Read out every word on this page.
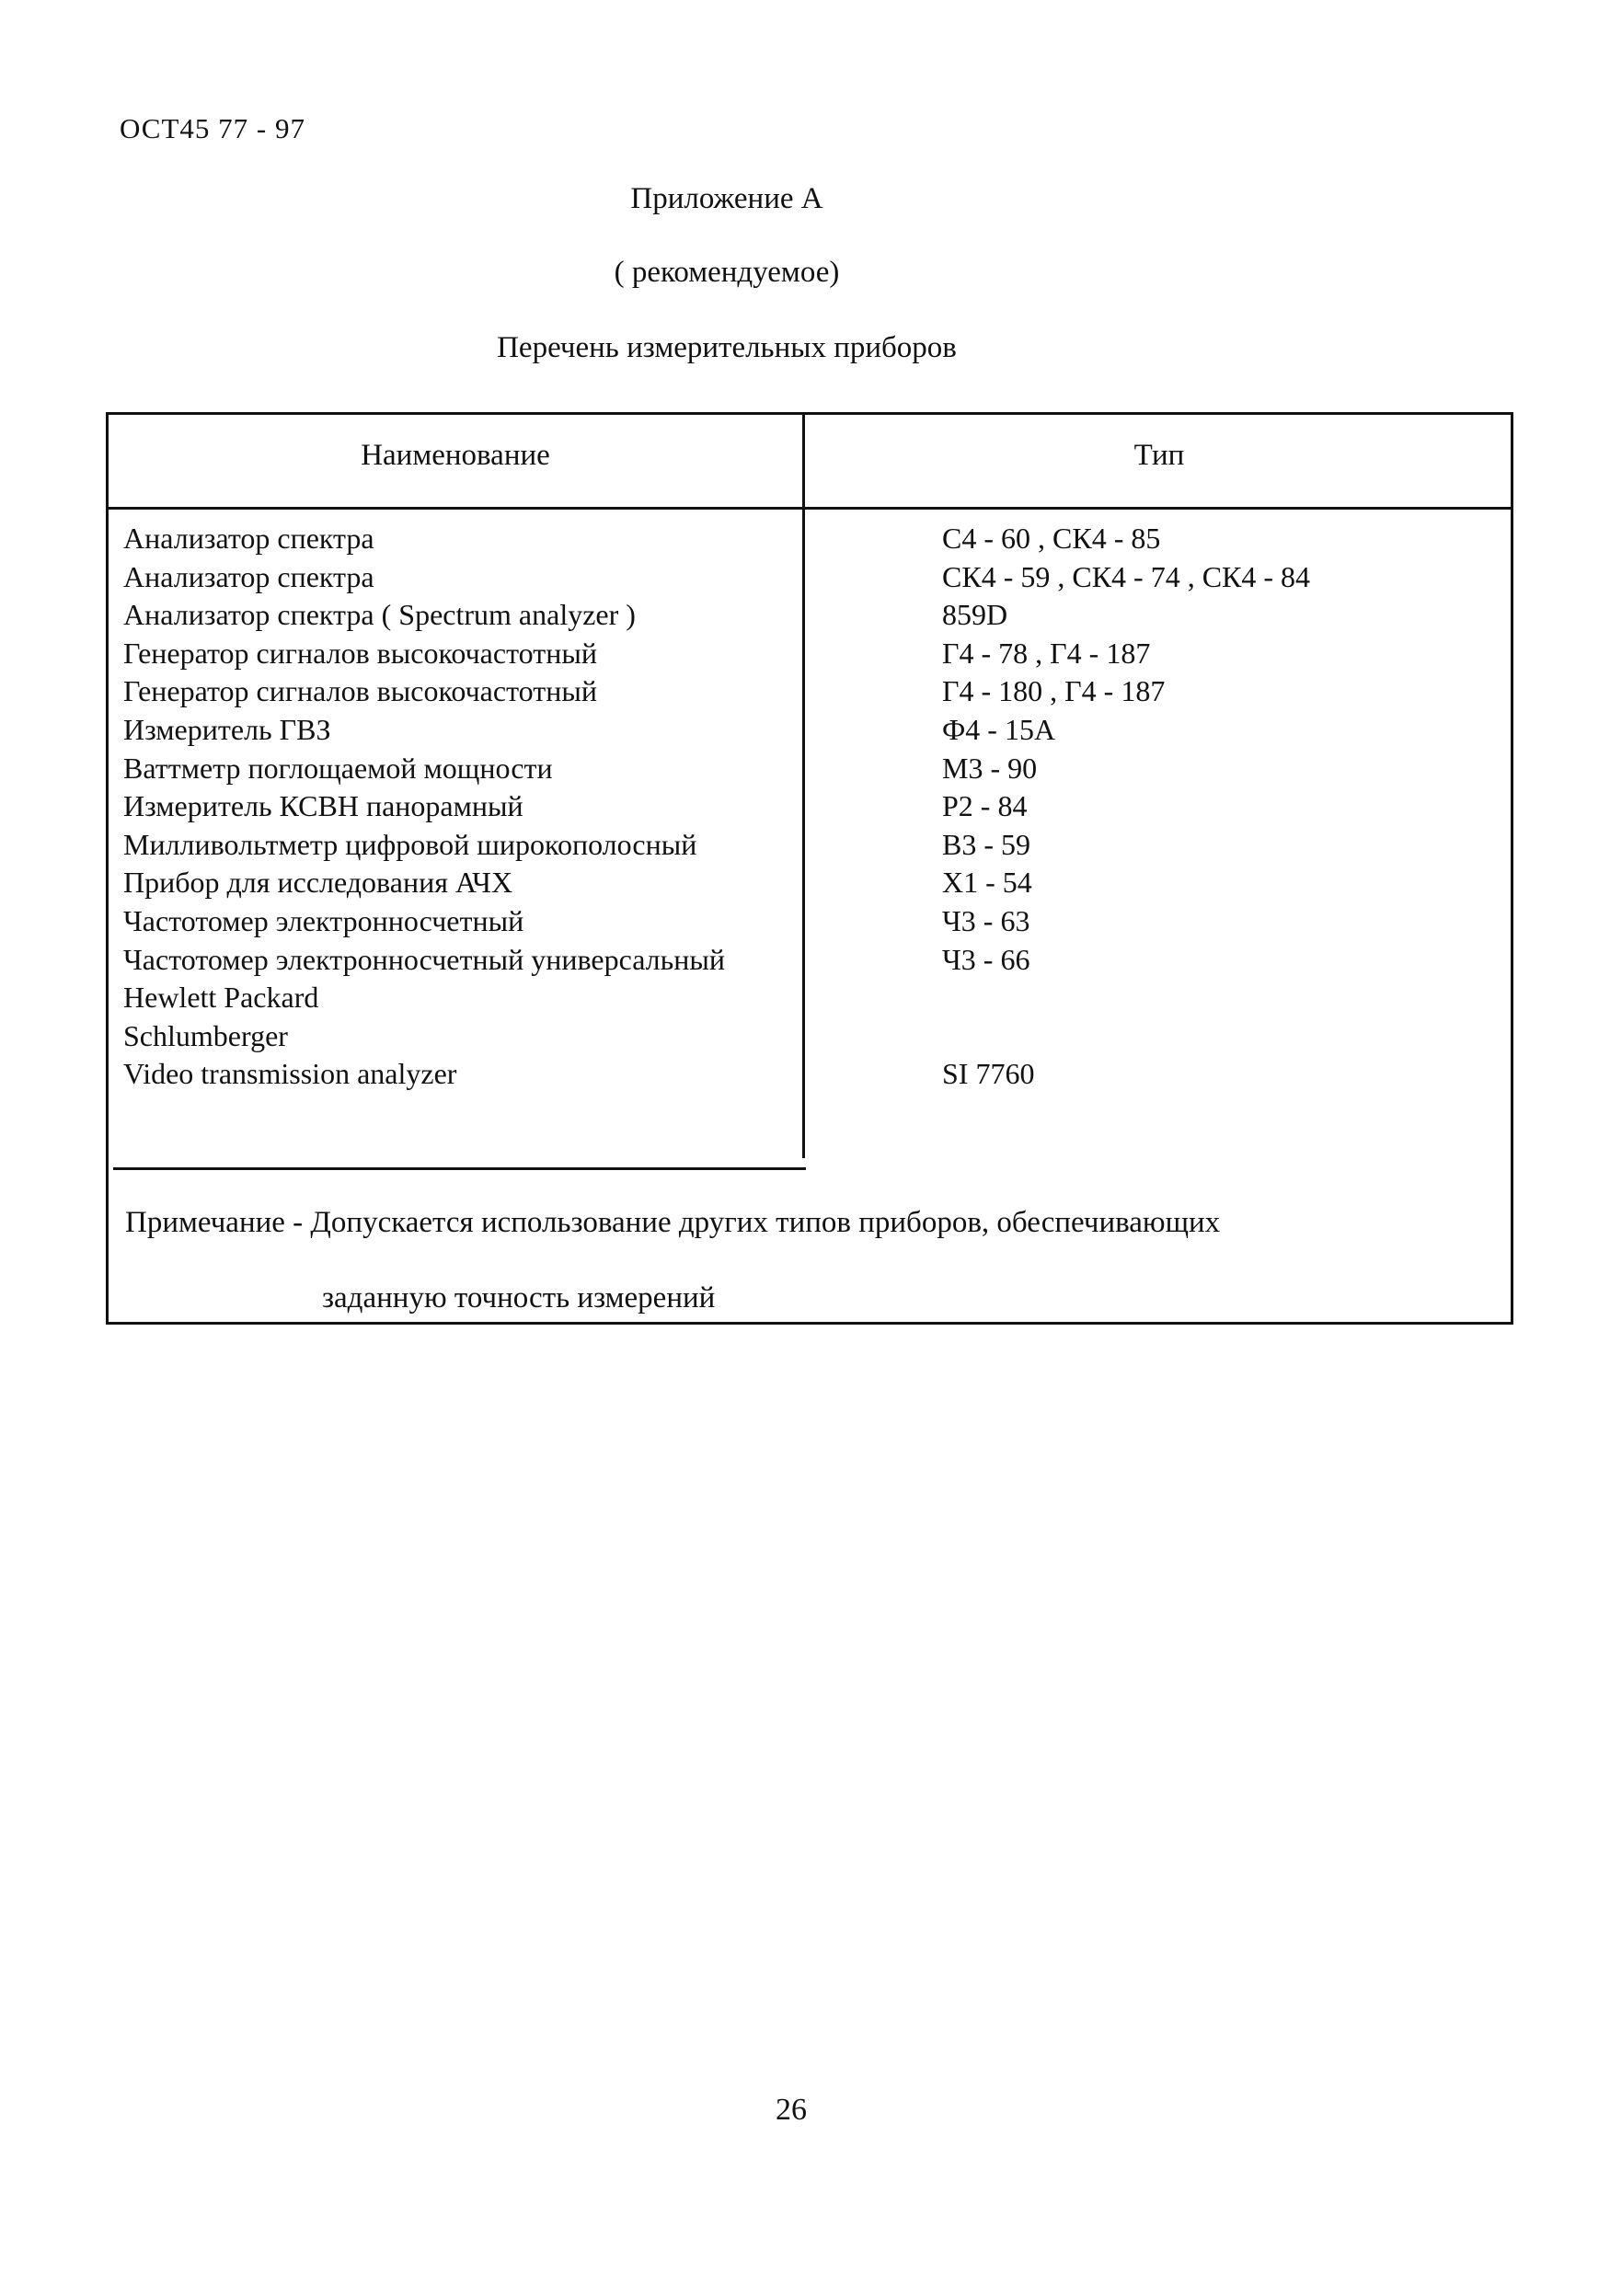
ОСТ45 77 - 97
Приложение А
( рекомендуемое)
Перечень измерительных приборов
Наименование	Тип
Анализатор спектра	С4 - 60 , СК4 - 85
Анализатор спектра	СК4 - 59 , СК4 - 74 , СК4 - 84
Анализатор спектра ( Spectrum analyzer )	859D
Генератор сигналов высокочастотный	Г4 - 78 , Г4 - 187
Генератор сигналов высокочастотный	Г4 - 180 , Г4 - 187
Измеритель ГВЗ	Ф4 - 15А
Ваттметр поглощаемой мощности	М3 - 90
Измеритель КСВН панорамный	Р2 - 84
Милливольтметр цифровой широкополосный	В3 - 59
Прибор для исследования АЧХ	Х1 - 54
Частотомер электронносчетный	Ч3 - 63
Частотомер электронносчетный универсальный	Ч3 - 66
Hewlett Packard
Schlumberger
Video transmission analyzer	SI 7760
Примечание - Допускается использование других типов приборов, обеспечивающих
заданную точность измерений
26
